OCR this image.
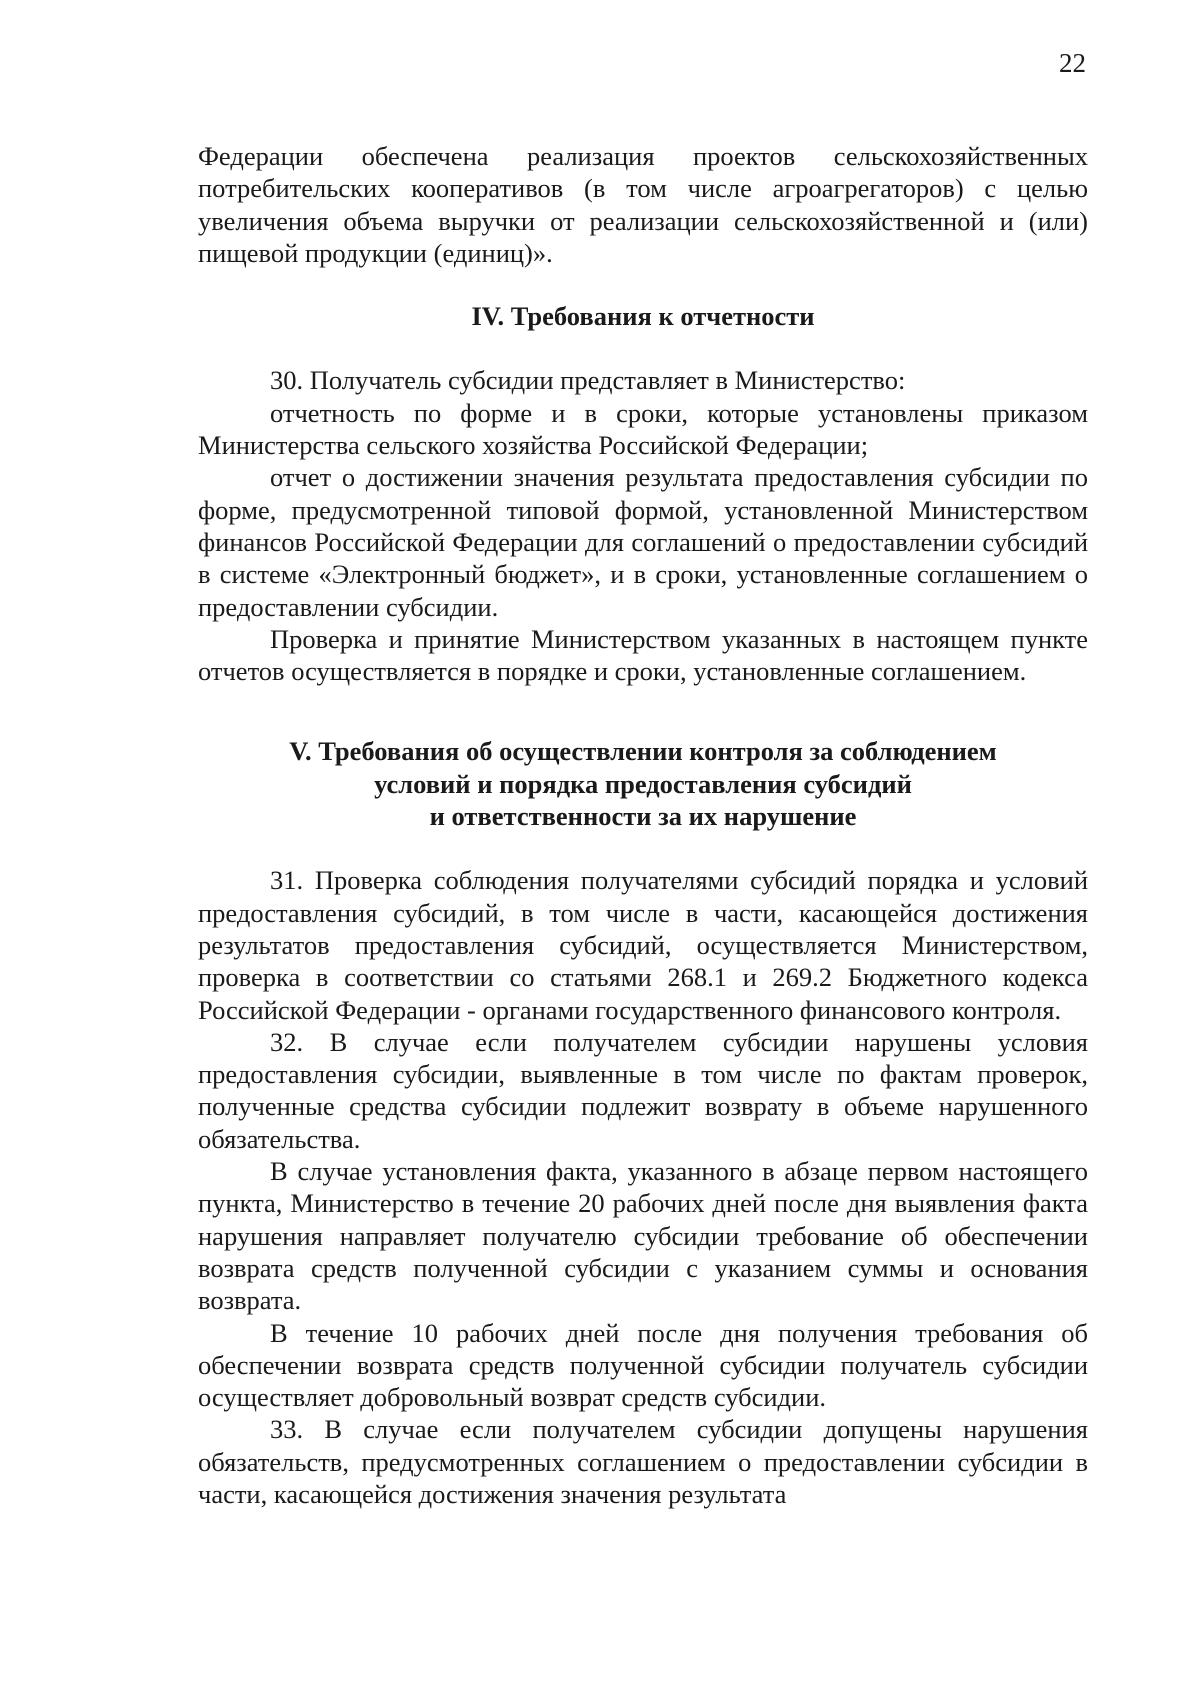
22

Федерации обеспечена реализация проектов сельскохозяйственных потребительских кооперативов (в том числе агроагрегаторов) с целью увеличения объема выручки от реализации сельскохозяйственной и (или) пищевой продукции (единиц)».

IV. Требования к отчетности

30. Получатель субсидии представляет в Министерство:

отчетность по форме и в сроки, которые установлены приказом Министерства сельского хозяйства Российской Федерации;

отчет о достижении значения результата предоставления субсидии по форме, предусмотренной типовой формой, установленной Министерством финансов Российской Федерации для соглашений о предоставлении субсидий в системе «Электронный бюджет», и в сроки, установленные соглашением о предоставлении субсидии.

Проверка и принятие Министерством указанных в настоящем пункте отчетов осуществляется в порядке и сроки, установленные соглашением.

V. Требования об осуществлении контроля за соблюдением
условий и порядка предоставления субсидий
и ответственности за их нарушение

31. Проверка соблюдения получателями субсидий порядка и условий предоставления субсидий, в том числе в части, касающейся достижения результатов предоставления субсидий, осуществляется Министерством, проверка в соответствии со статьями 268.1 и 269.2 Бюджетного кодекса Российской Федерации - органами государственного финансового контроля.

32. В случае если получателем субсидии нарушены условия предоставления субсидии, выявленные в том числе по фактам проверок, полученные средства субсидии подлежит возврату в объеме нарушенного обязательства.

В случае установления факта, указанного в абзаце первом настоящего пункта, Министерство в течение 20 рабочих дней после дня выявления факта нарушения направляет получателю субсидии требование об обеспечении возврата средств полученной субсидии с указанием суммы и основания возврата.

В течение 10 рабочих дней после дня получения требования об обеспечении возврата средств полученной субсидии получатель субсидии осуществляет добровольный возврат средств субсидии.

33. В случае если получателем субсидии допущены нарушения обязательств, предусмотренных соглашением о предоставлении субсидии в части, касающейся достижения значения результата
